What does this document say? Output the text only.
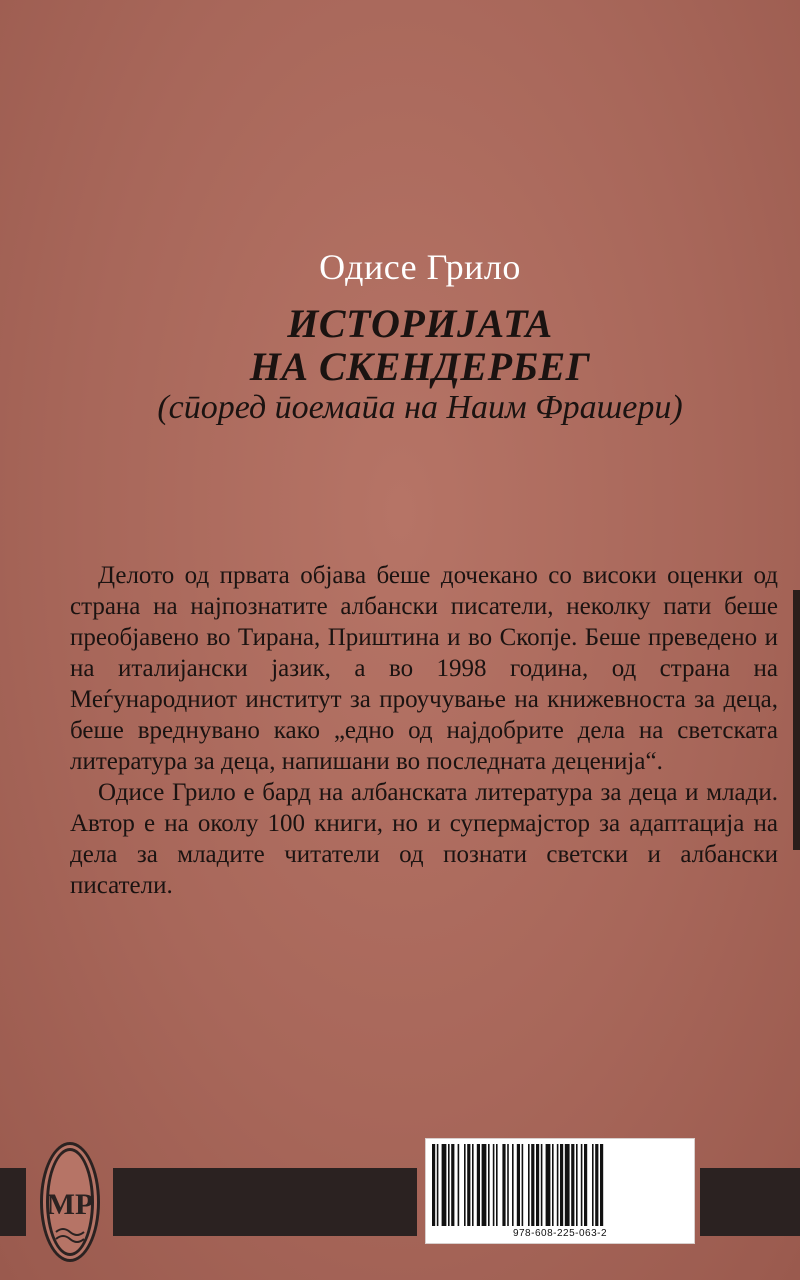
Одисе Грило
ИСТОРИЈАТА
НА СКЕНДЕРБЕГ
(сӣоред ӣоемаӣа на Наим Фрашери)

Делото од првата објава беше дочекано со високи оценки од страна на најпознатите албански писатели, неколку пати беше преобјавено во Тирана, Приштина и во Скопје. Беше преведено и на италијански јазик, а во 1998 година, од страна на Меѓународниот институт за проучување на книжевноста за деца, беше вреднувано како „едно од најдобрите дела на светската литература за деца, напишани во последната деценија“.

Одисе Грило е бард на албанската литература за деца и млади. Автор е на околу 100 книги, но и супермајстор за адаптација на дела за младите читатели од познати светски и албански писатели.

MP
978-608-225-063-2
